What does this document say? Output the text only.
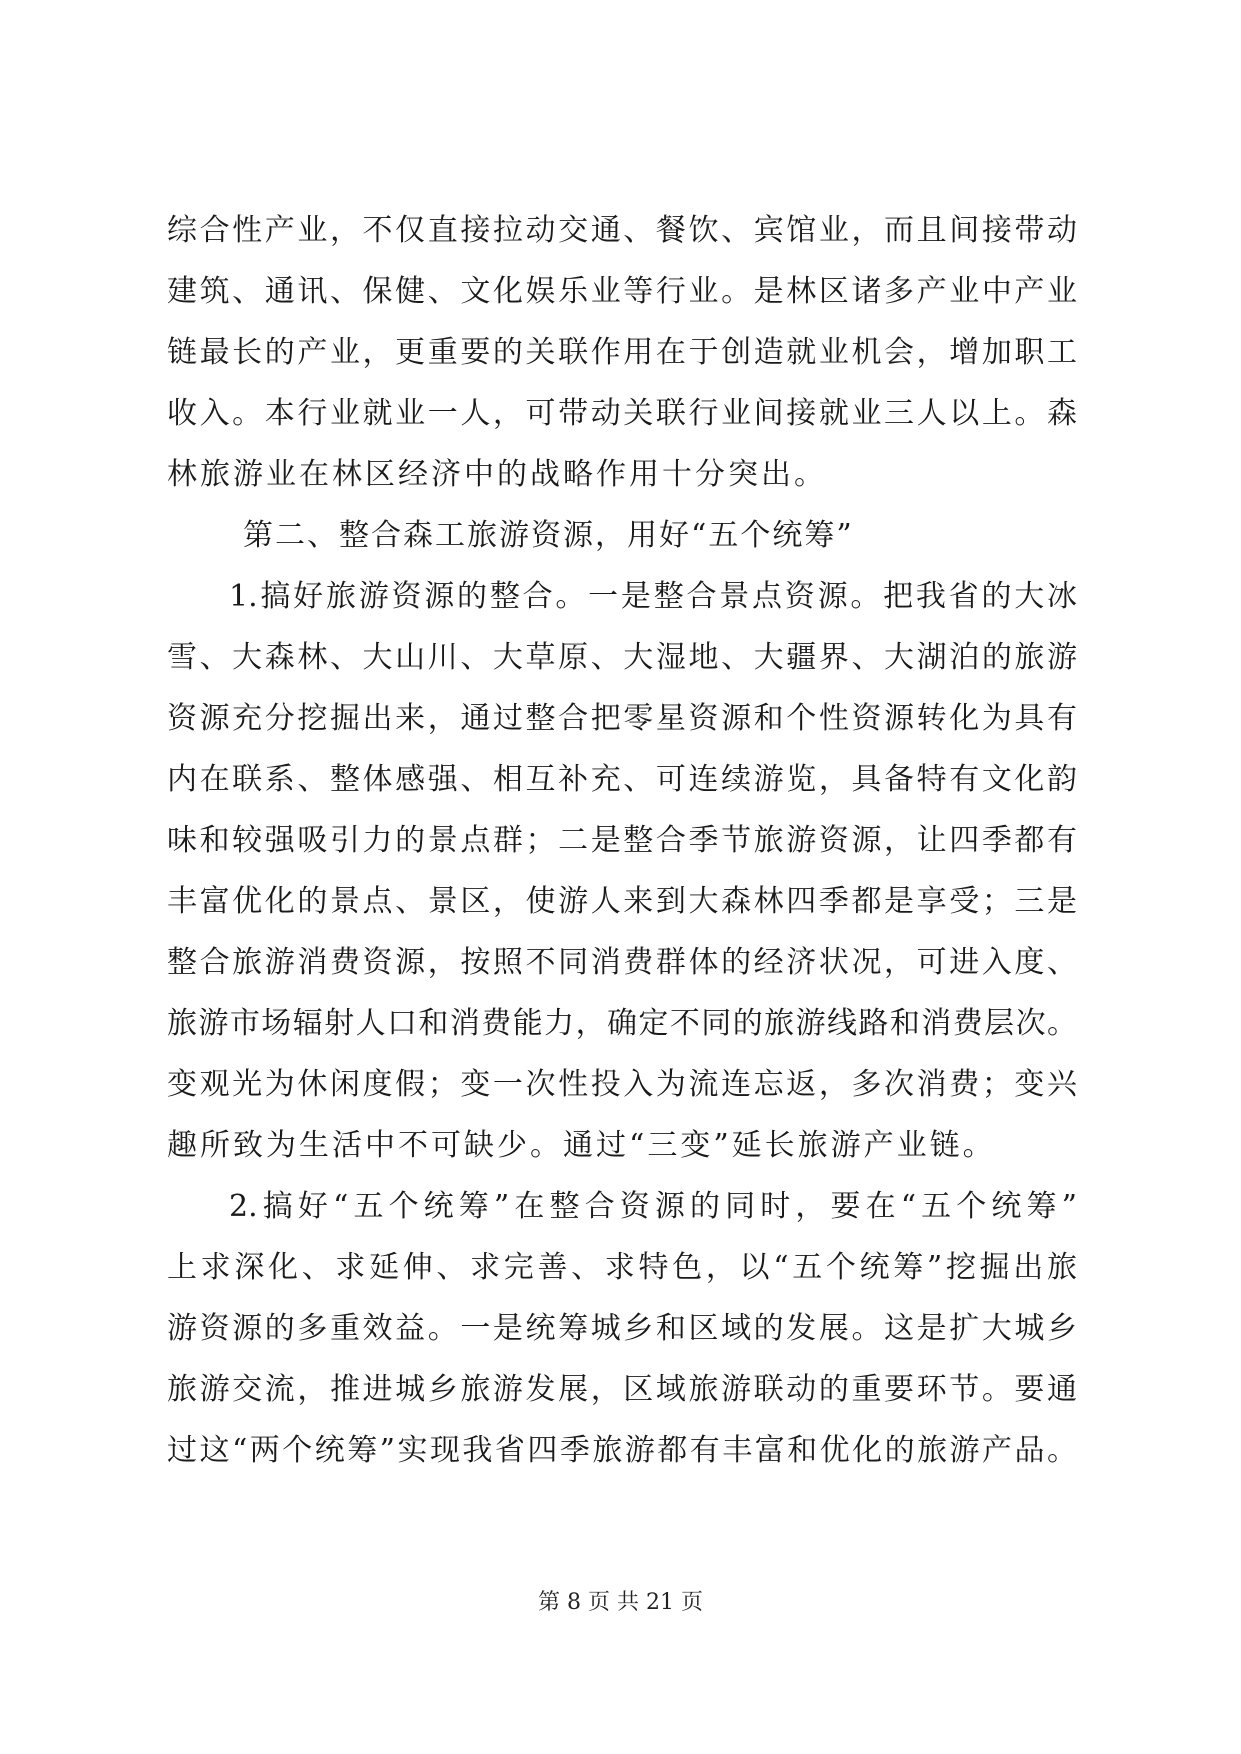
综合性产业，不仅直接拉动交通、餐饮、宾馆业，而且间接带动
建筑、通讯、保健、文化娱乐业等行业。是林区诸多产业中产业
链最长的产业，更重要的关联作用在于创造就业机会，增加职工
收入。本行业就业一人，可带动关联行业间接就业三人以上。森
林旅游业在林区经济中的战略作用十分突出。
第二、整合森工旅游资源，用好“五个统筹”
1.搞好旅游资源的整合。一是整合景点资源。把我省的大冰
雪、大森林、大山川、大草原、大湿地、大疆界、大湖泊的旅游
资源充分挖掘出来，通过整合把零星资源和个性资源转化为具有
内在联系、整体感强、相互补充、可连续游览，具备特有文化韵
味和较强吸引力的景点群；二是整合季节旅游资源，让四季都有
丰富优化的景点、景区，使游人来到大森林四季都是享受；三是
整合旅游消费资源，按照不同消费群体的经济状况，可进入度、
旅游市场辐射人口和消费能力，确定不同的旅游线路和消费层次。
变观光为休闲度假；变一次性投入为流连忘返，多次消费；变兴
趣所致为生活中不可缺少。通过“三变”延长旅游产业链。
2.搞好“五个统筹”在整合资源的同时，要在“五个统筹”
上求深化、求延伸、求完善、求特色，以“五个统筹”挖掘出旅
游资源的多重效益。一是统筹城乡和区域的发展。这是扩大城乡
旅游交流，推进城乡旅游发展，区域旅游联动的重要环节。要通
过这“两个统筹”实现我省四季旅游都有丰富和优化的旅游产品。
第 8 页 共 21 页
